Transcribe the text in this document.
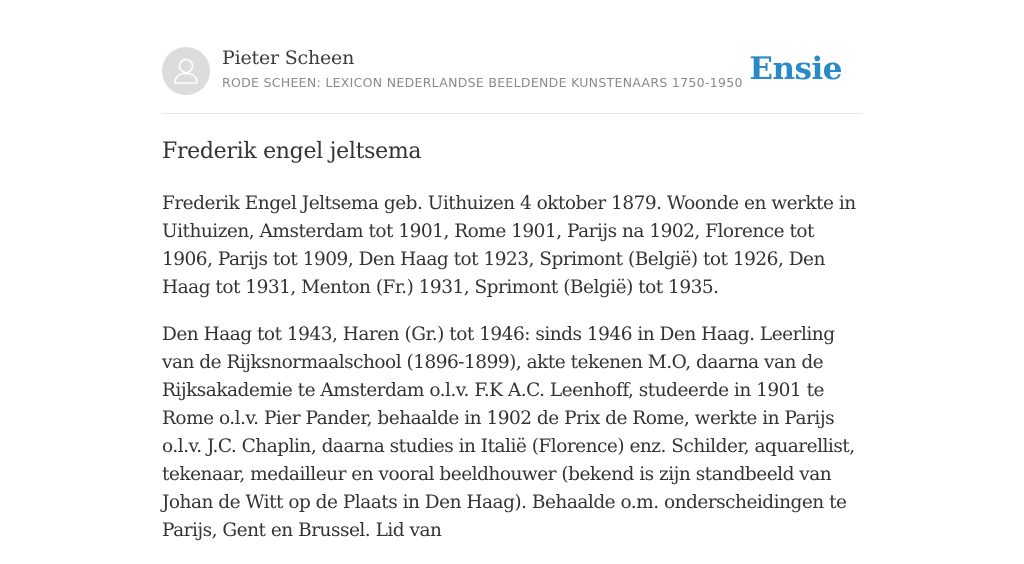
Pieter Scheen
RODE SCHEEN: LEXICON NEDERLANDSE BEELDENDE KUNSTENAARS 1750-1950 Ensie
Frederik engel jeltsema

Frederik Engel Jeltsema geb. Uithuizen 4 oktober 1879. Woonde en werkte in Uithuizen, Amsterdam tot 1901, Rome 1901, Parijs na 1902, Florence tot 1906, Parijs tot 1909, Den Haag tot 1923, Sprimont (België) tot 1926, Den Haag tot 1931, Menton (Fr.) 1931, Sprimont (België) tot 1935.

Den Haag tot 1943, Haren (Gr.) tot 1946: sinds 1946 in Den Haag. Leerling van de Rijksnormaalschool (1896-1899), akte tekenen M.O, daarna van de Rijksakademie te Amsterdam o.l.v. F.K A.C. Leenhoff, studeerde in 1901 te Rome o.l.v. Pier Pander, behaalde in 1902 de Prix de Rome, werkte in Parijs o.l.v. J.C. Chaplin, daarna studies in Italië (Florence) enz. Schilder, aquarellist, tekenaar, medailleur en vooral beeldhouwer (bekend is zijn standbeeld van Johan de Witt op de Plaats in Den Haag). Behaalde o.m. onderscheidingen te Parijs, Gent en Brussel. Lid van
